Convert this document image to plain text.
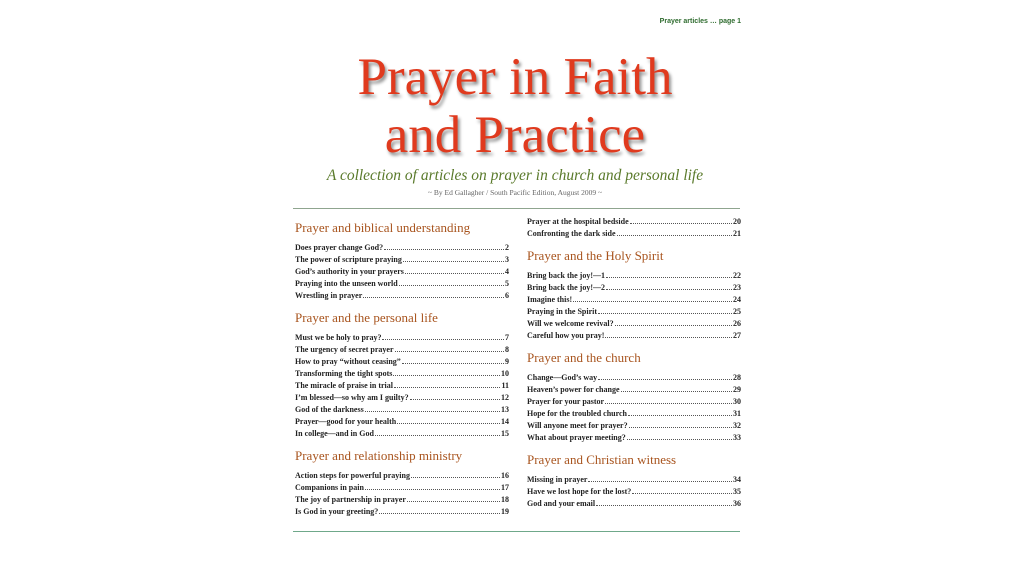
Prayer articles … page 1
Prayer in Faith
and Practice
A collection of articles on prayer in church and personal life
~ By Ed Gallagher / South Pacific Edition, August 2009 ~
Prayer and biblical understanding
Does prayer change God?	2
The power of scripture praying	3
God’s authority in your prayers	4
Praying into the unseen world	5
Wrestling in prayer	6
Prayer and the personal life
Must we be holy to pray?	7
The urgency of secret prayer	8
How to pray “without ceasing”	9
Transforming the tight spots	10
The miracle of praise in trial	11
I’m blessed—so why am I guilty?	12
God of the darkness	13
Prayer—good for your health	14
In college—and in God	15
Prayer and relationship ministry
Action steps for powerful praying	16
Companions in pain	17
The joy of partnership in prayer	18
Is God in your greeting?	19
Prayer at the hospital bedside	20
Confronting the dark side	21
Prayer and the Holy Spirit
Bring back the joy!—1	22
Bring back the joy!—2	23
Imagine this!	24
Praying in the Spirit	25
Will we welcome revival?	26
Careful how you pray!	27
Prayer and the church
Change—God’s way	28
Heaven’s power for change	29
Prayer for your pastor	30
Hope for the troubled church	31
Will anyone meet for prayer?	32
What about prayer meeting?	33
Prayer and Christian witness
Missing in prayer	34
Have we lost hope for the lost?	35
God and your email	36
